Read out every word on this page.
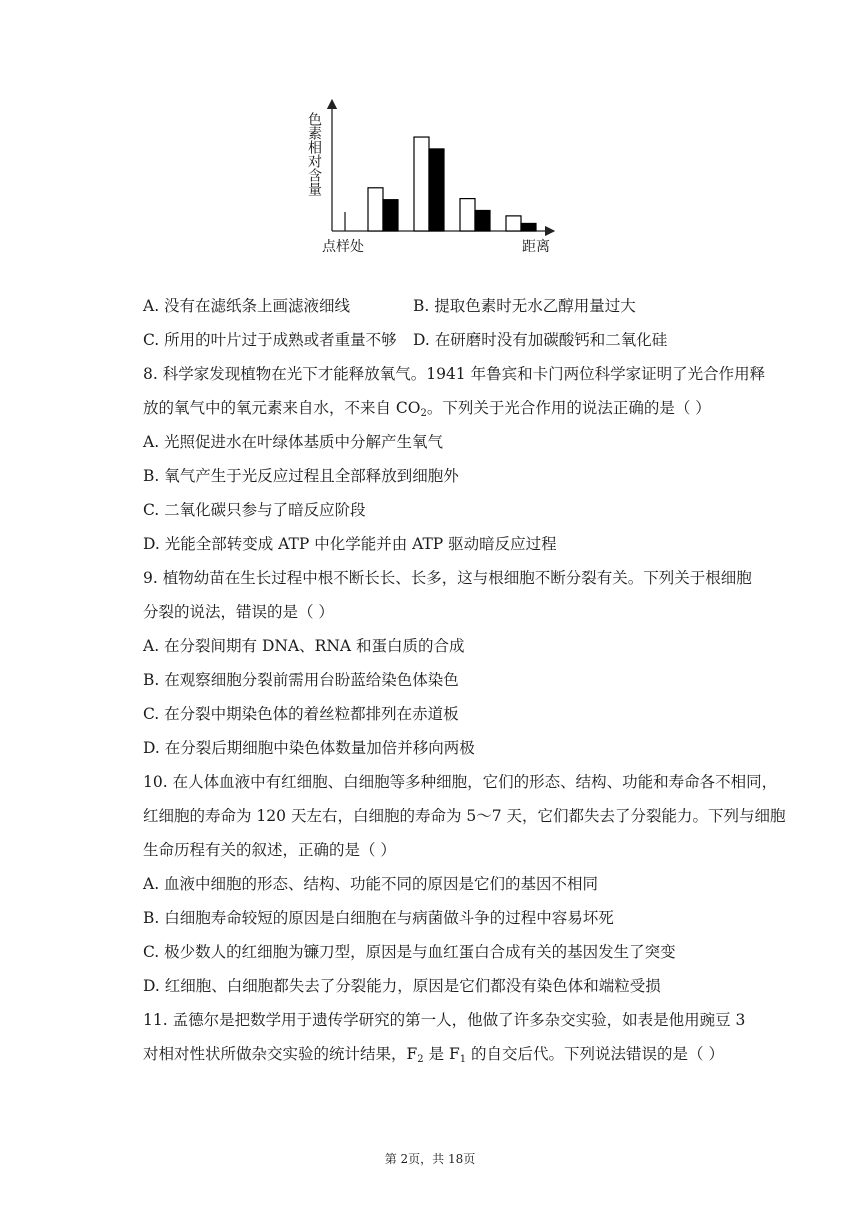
色素相对含量
点样处	距离
A. 没有在滤纸条上画滤液细线	B. 提取色素时无水乙醇用量过大
C. 所用的叶片过于成熟或者重量不够 D. 在研磨时没有加碳酸钙和二氧化硅
8. 科学家发现植物在光下才能释放氧气。1941 年鲁宾和卡门两位科学家证明了光合作用释
放的氧气中的氧元素来自水，不来自 $CO_2$。下列关于光合作用的说法正确的是（ ）
A. 光照促进水在叶绿体基质中分解产生氧气
B. 氧气产生于光反应过程且全部释放到细胞外
C. 二氧化碳只参与了暗反应阶段
D. 光能全部转变成 ATP 中化学能并由 ATP 驱动暗反应过程
9. 植物幼苗在生长过程中根不断长长、长多，这与根细胞不断分裂有关。下列关于根细胞
分裂的说法，错误的是（ ）
A. 在分裂间期有 DNA、RNA 和蛋白质的合成
B. 在观察细胞分裂前需用台盼蓝给染色体染色
C. 在分裂中期染色体的着丝粒都排列在赤道板
D. 在分裂后期细胞中染色体数量加倍并移向两极
10. 在人体血液中有红细胞、白细胞等多种细胞，它们的形态、结构、功能和寿命各不相同，
红细胞的寿命为 120 天左右，白细胞的寿命为 5～7 天，它们都失去了分裂能力。下列与细胞
生命历程有关的叙述，正确的是（ ）
A. 血液中细胞的形态、结构、功能不同的原因是它们的基因不相同
B. 白细胞寿命较短的原因是白细胞在与病菌做斗争的过程中容易坏死
C. 极少数人的红细胞为镰刀型，原因是与血红蛋白合成有关的基因发生了突变
D. 红细胞、白细胞都失去了分裂能力，原因是它们都没有染色体和端粒受损
11. 孟德尔是把数学用于遗传学研究的第一人，他做了许多杂交实验，如表是他用豌豆 3
对相对性状所做杂交实验的统计结果，$F_2$ 是 $F_1$ 的自交后代。下列说法错误的是（ ）
第 2页，共 18页
